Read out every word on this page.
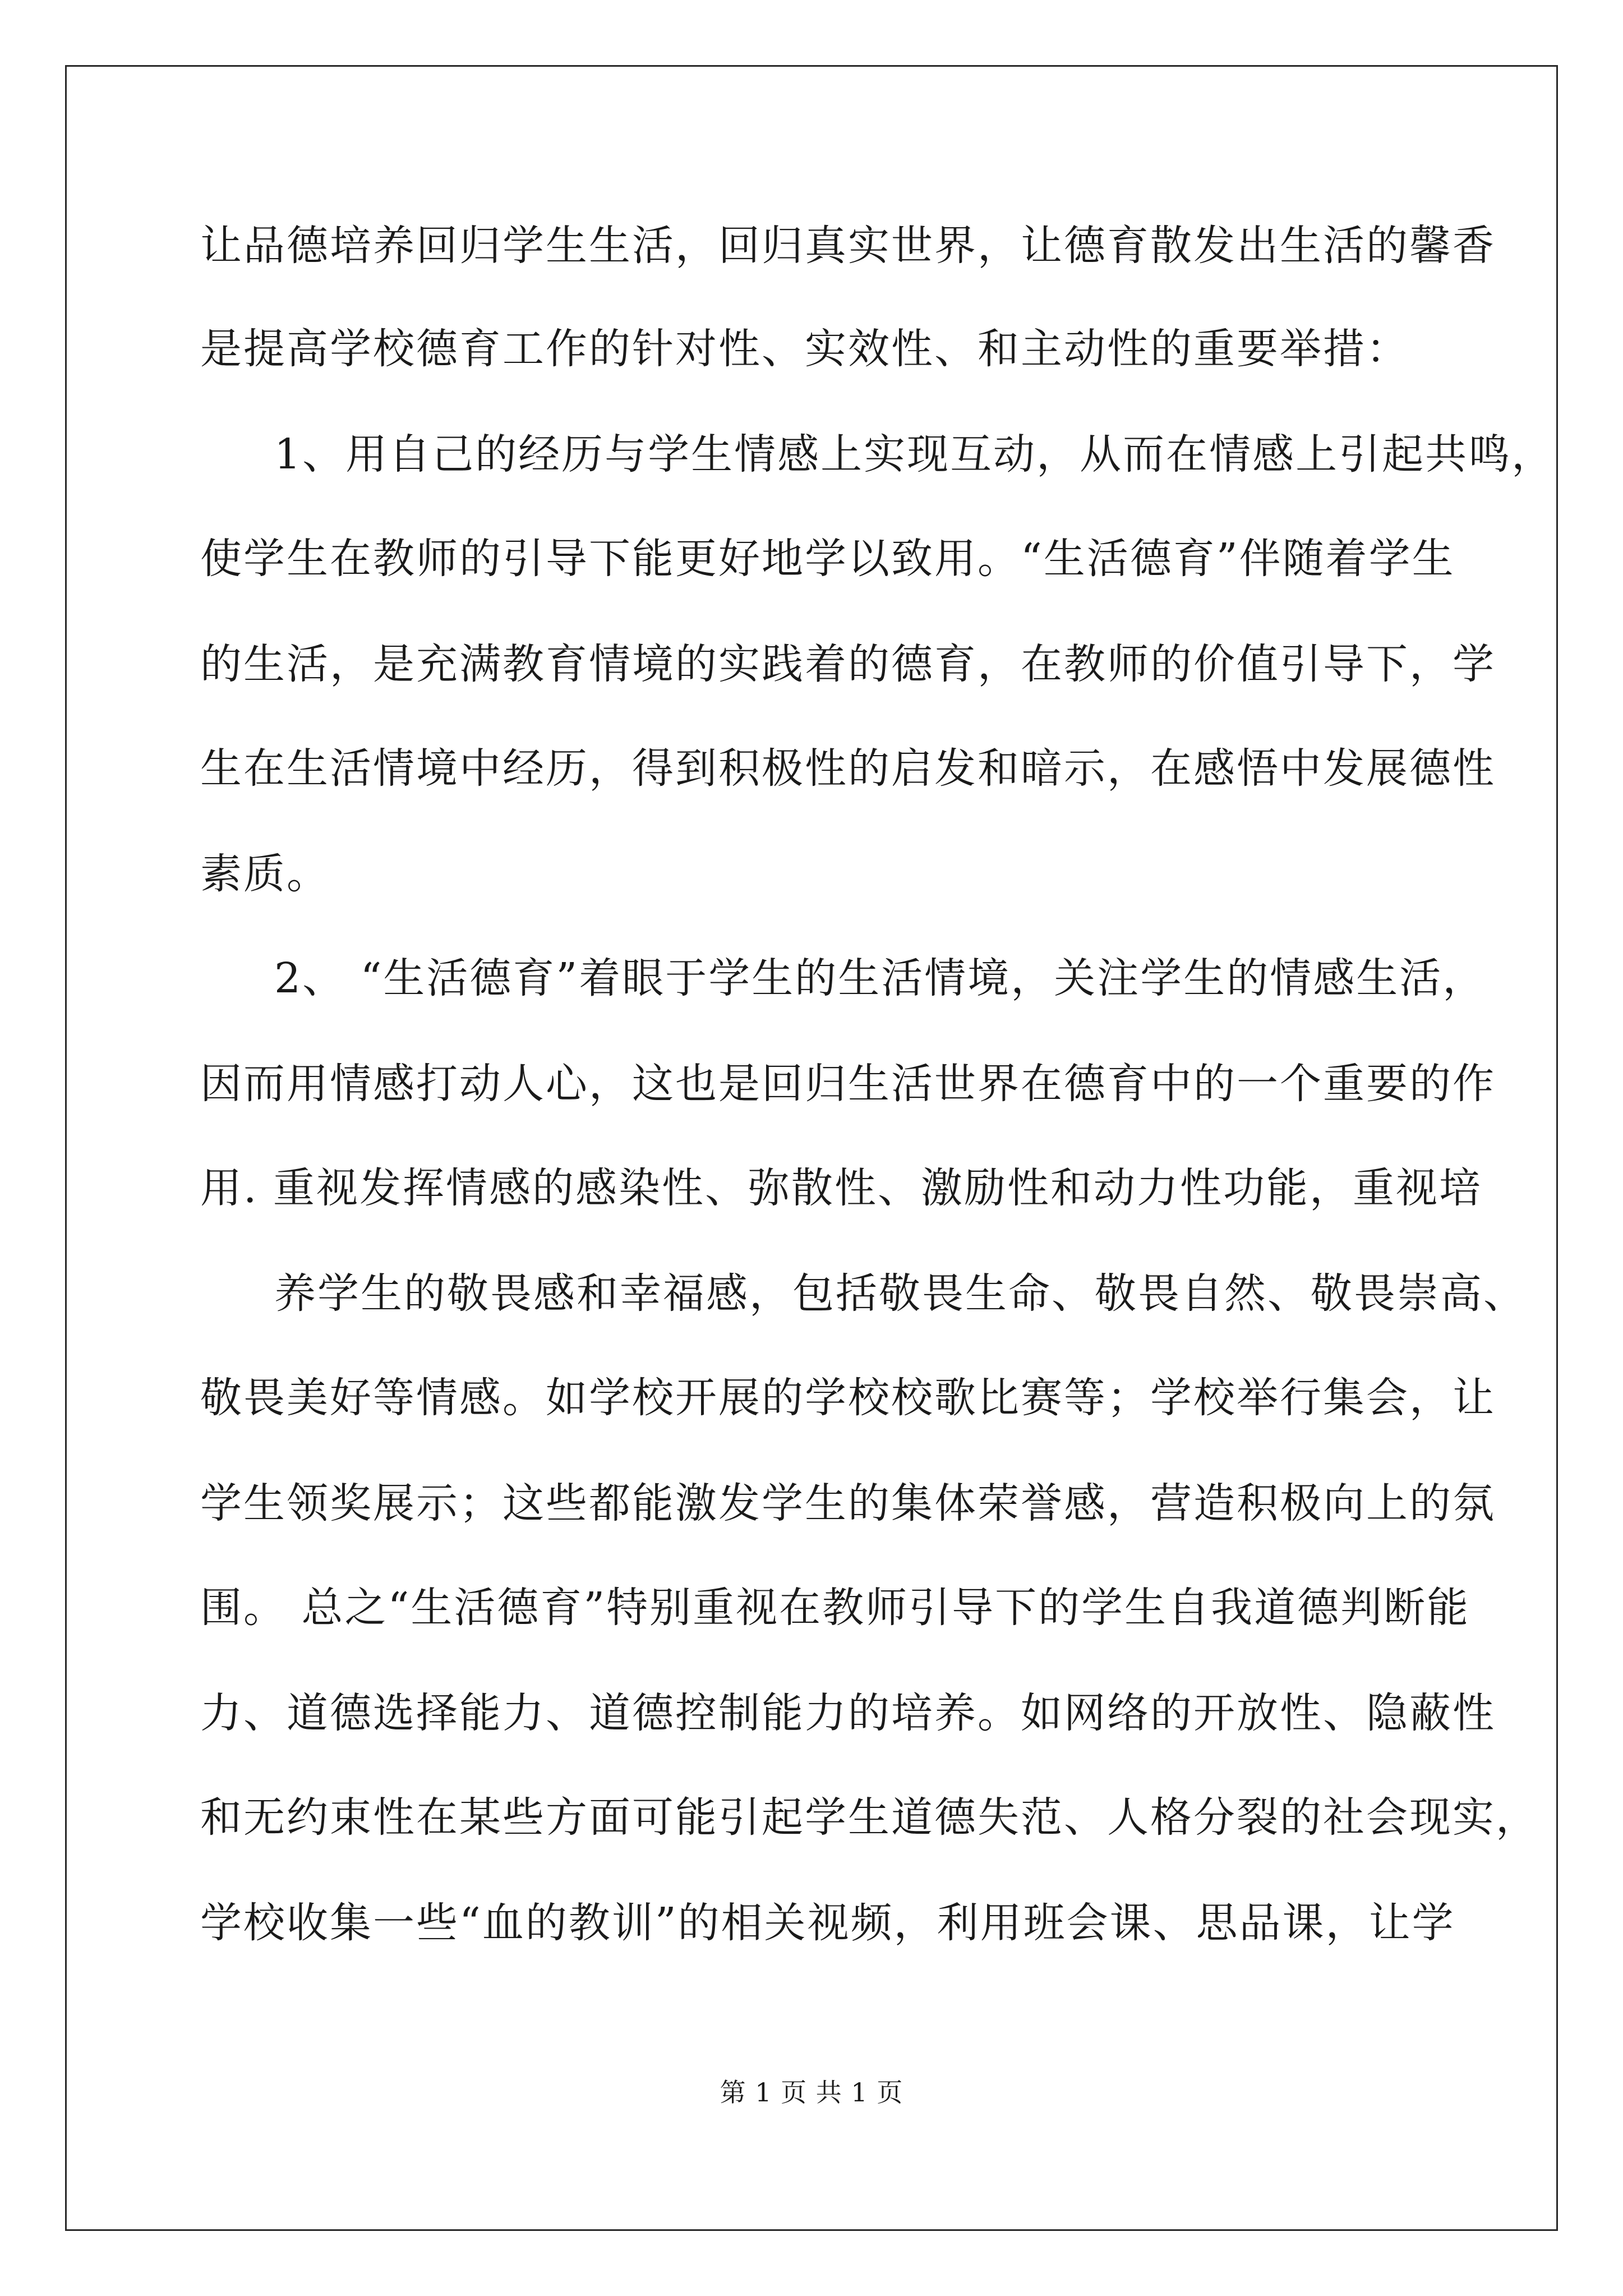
让品德培养回归学生生活，回归真实世界，让德育散发出生活的馨香
是提高学校德育工作的针对性、实效性、和主动性的重要举措：
1、用自己的经历与学生情感上实现互动，从而在情感上引起共鸣，
使学生在教师的引导下能更好地学以致用。“生活德育”伴随着学生
的生活，是充满教育情境的实践着的德育，在教师的价值引导下，学
生在生活情境中经历，得到积极性的启发和暗示，在感悟中发展德性
素质。
2、 “生活德育”着眼于学生的生活情境，关注学生的情感生活，
因而用情感打动人心，这也是回归生活世界在德育中的一个重要的作
用. 重视发挥情感的感染性、弥散性、激励性和动力性功能，重视培
养学生的敬畏感和幸福感，包括敬畏生命、敬畏自然、敬畏崇高、
敬畏美好等情感。如学校开展的学校校歌比赛等；学校举行集会，让
学生领奖展示；这些都能激发学生的集体荣誉感，营造积极向上的氛
围。 总之“生活德育”特别重视在教师引导下的学生自我道德判断能
力、道德选择能力、道德控制能力的培养。如网络的开放性、隐蔽性
和无约束性在某些方面可能引起学生道德失范、人格分裂的社会现实，
学校收集一些“血的教训”的相关视频，利用班会课、思品课，让学
第 1 页 共 1 页
